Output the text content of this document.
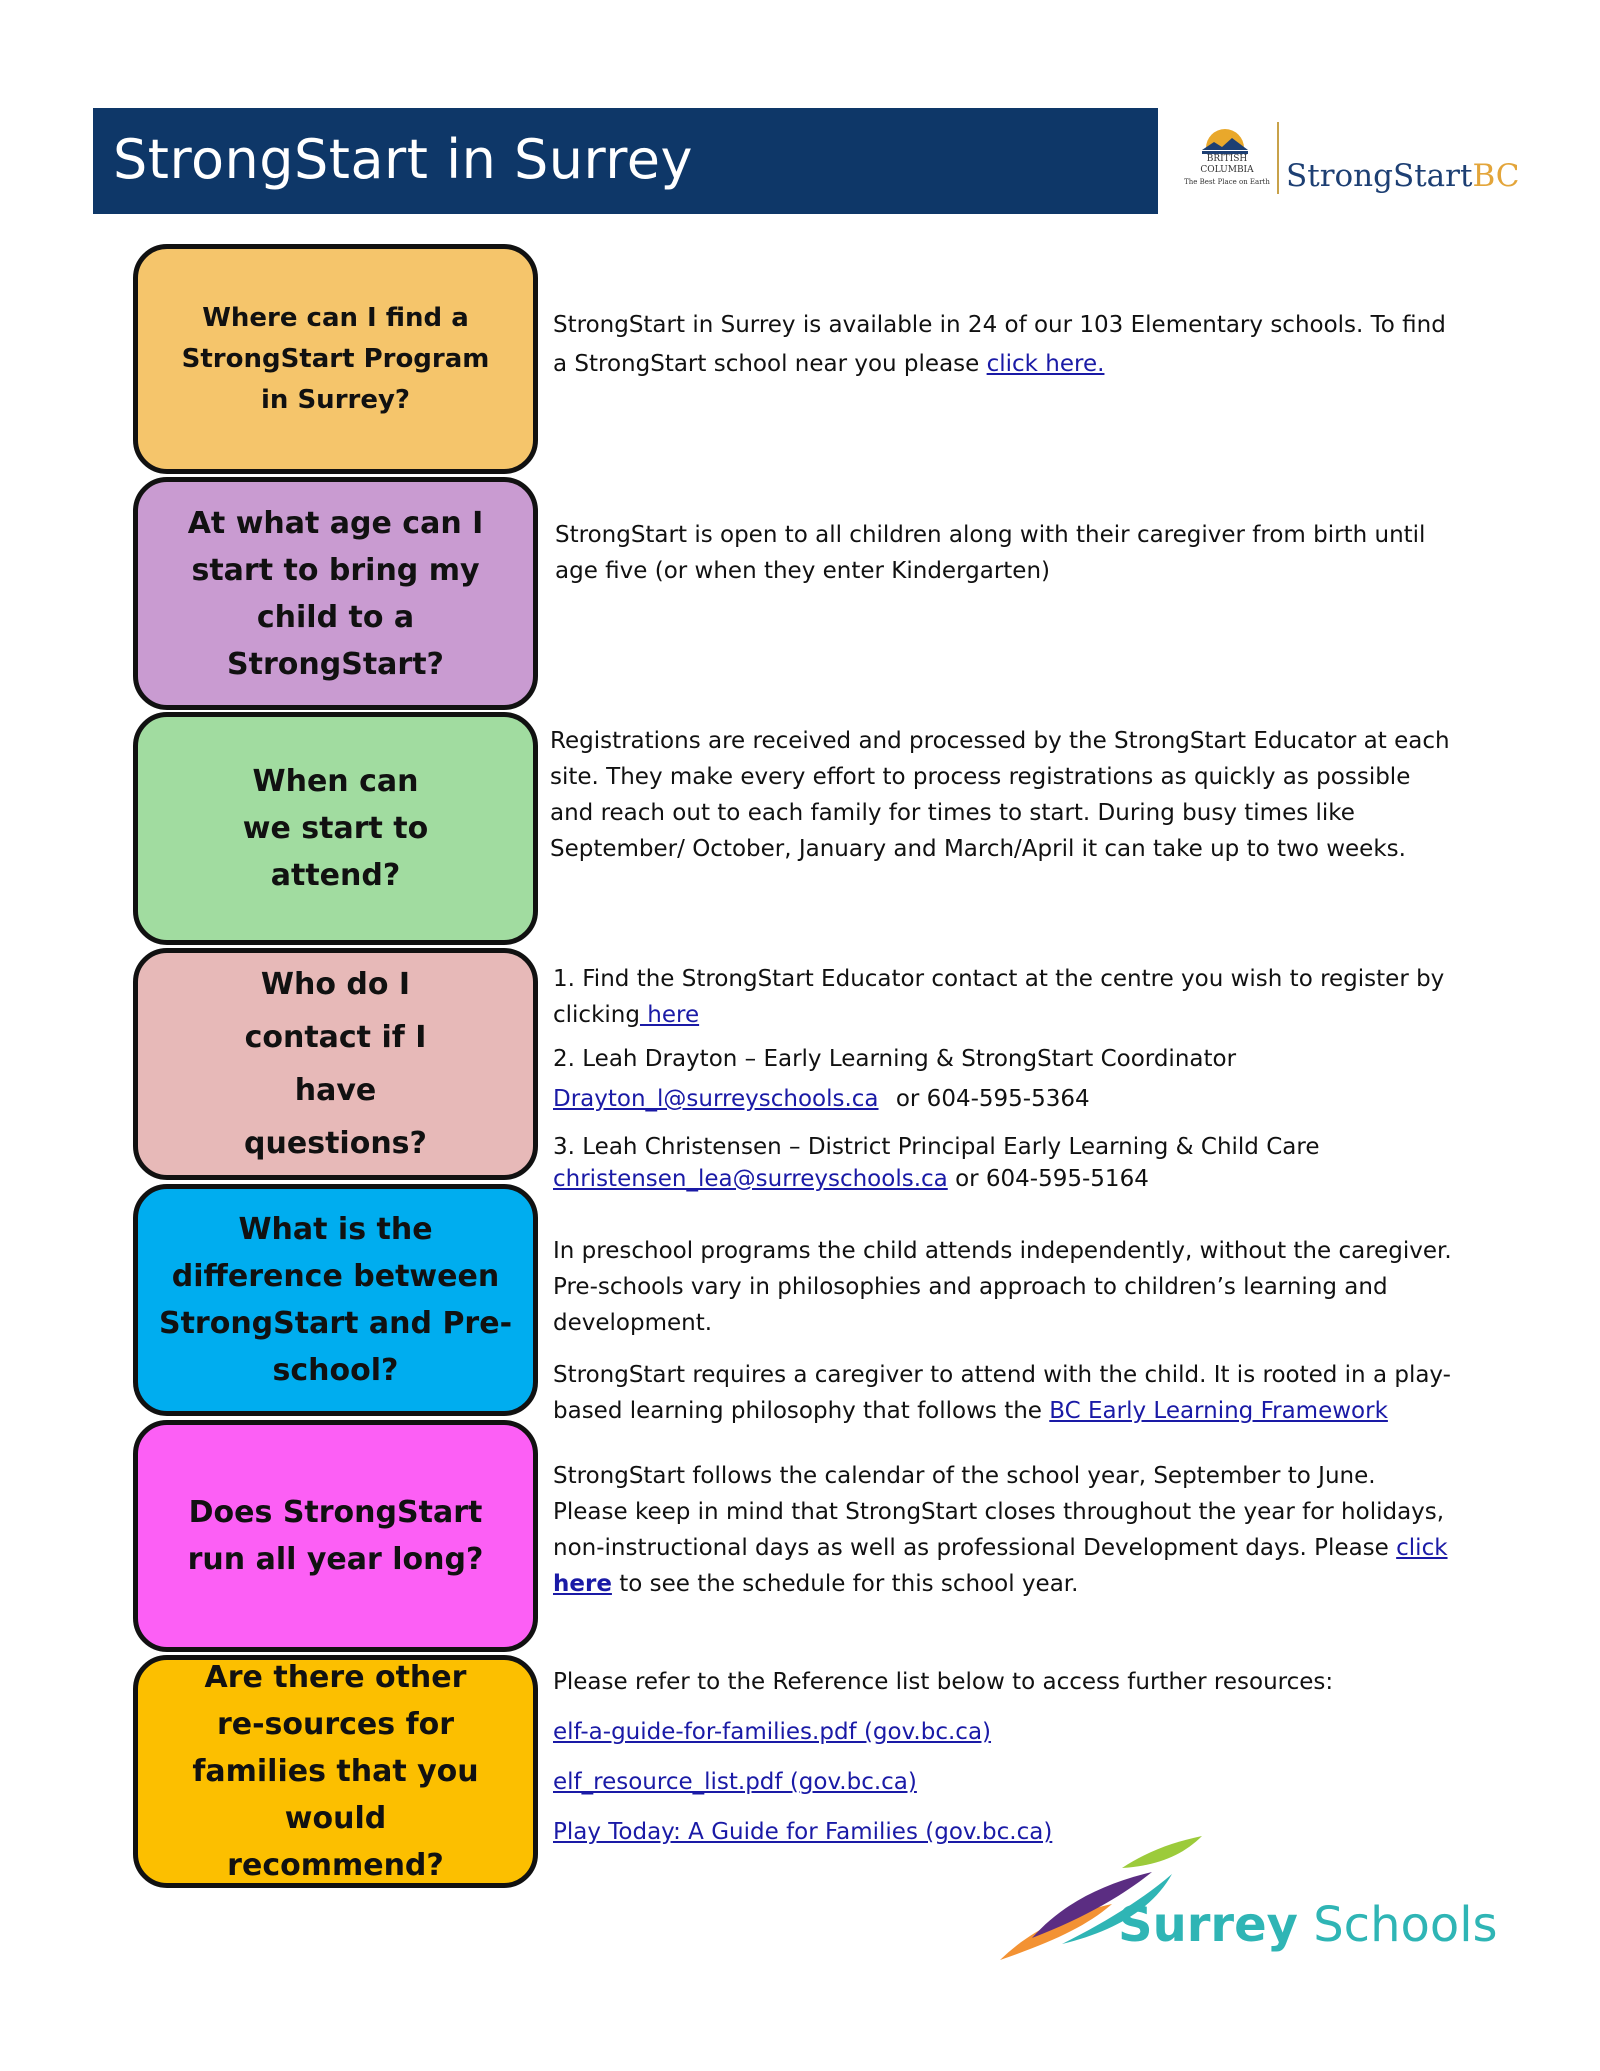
StrongStart in Surrey	BRITISH
COLUMBIA
The Best Place on Earth StrongStartBC
Where can I find a StrongStart Program in Surrey?
At what age can I start to bring my child to a StrongStart?
When can we start to attend?
Who do I contact if I have questions?
What is the difference between StrongStart and Pre-school?
Does StrongStart run all year long?
Are there other re-sources for families that you would recommend?
StrongStart in Surrey is available in 24 of our 103 Elementary schools. To find a StrongStart school near you please click here.
StrongStart is open to all children along with their caregiver from birth until age five (or when they enter Kindergarten)
Registrations are received and processed by the StrongStart Educator at each site. They make every effort to process registrations as quickly as possible and reach out to each family for times to start. During busy times like September/ October, January and March/April it can take up to two weeks.

1. Find the StrongStart Educator contact at the centre you wish to register by clicking here

2. Leah Drayton – Early Learning & StrongStart Coordinator

Drayton_l@surreyschools.ca or 604-595-5364

3. Leah Christensen – District Principal Early Learning & Child Care

christensen_lea@surreyschools.ca or 604-595-5164

In preschool programs the child attends independently, without the caregiver. Pre-schools vary in philosophies and approach to children’s learning and development.

StrongStart requires a caregiver to attend with the child. It is rooted in a play-based learning philosophy that follows the BC Early Learning Framework

StrongStart follows the calendar of the school year, September to June. Please keep in mind that StrongStart closes throughout the year for holidays, non-instructional days as well as professional Development days. Please click here to see the schedule for this school year.

Please refer to the Reference list below to access further resources:

elf-a-guide-for-families.pdf (gov.bc.ca)

elf_resource_list.pdf (gov.bc.ca)

Play Today: A Guide for Families (gov.bc.ca)

Surrey Schools
